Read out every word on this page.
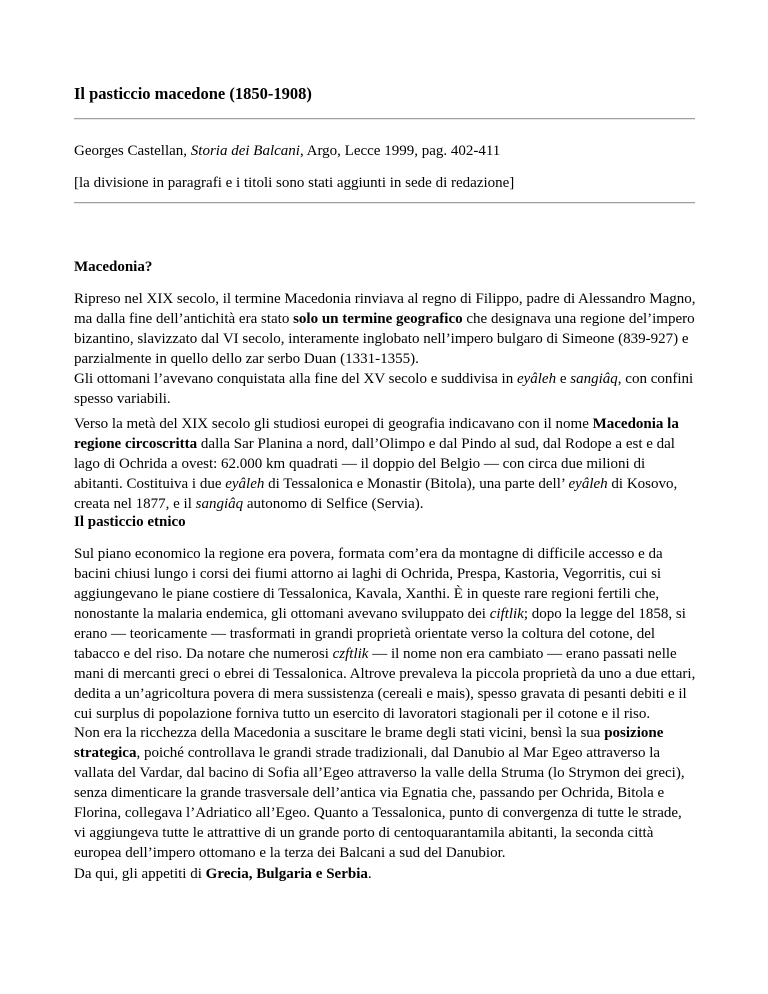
Il pasticcio macedone (1850-1908)

Georges Castellan, Storia dei Balcani, Argo, Lecce 1999, pag. 402-411

[la divisione in paragrafi e i titoli sono stati aggiunti in sede di redazione]

Macedonia?

Ripreso nel XIX secolo, il termine Macedonia rinviava al regno di Filippo, padre di Alessandro Magno, ma dalla fine dell’antichità era stato solo un termine geografico che designava una regione del’impero bizantino, slavizzato dal VI secolo, interamente inglobato nell’impero bulgaro di Simeone (839-927) e parzialmente in quello dello zar serbo Duan (1331-1355).

Gli ottomani l’avevano conquistata alla fine del XV secolo e suddivisa in eyâleh e sangiâq, con confini spesso variabili.

Verso la metà del XIX secolo gli studiosi europei di geografia indicavano con il nome Macedonia la regione circoscritta dalla Sar Planina a nord, dall’Olimpo e dal Pindo al sud, dal Rodope a est e dal lago di Ochrida a ovest: 62.000 km quadrati — il doppio del Belgio — con circa due milioni di abitanti. Costituiva i due eyâleh di Tessalonica e Monastir (Bitola), una parte dell’ eyâleh di Kosovo, creata nel 1877, e il sangiâq autonomo di Selfice (Servia).

Il pasticcio etnico

Sul piano economico la regione era povera, formata com’era da montagne di difficile accesso e da bacini chiusi lungo i corsi dei fiumi attorno ai laghi di Ochrida, Prespa, Kastoria, Vegorritis, cui si aggiungevano le piane costiere di Tessalonica, Kavala, Xanthi. È in queste rare regioni fertili che, nonostante la malaria endemica, gli ottomani avevano sviluppato dei ciftlik; dopo la legge del 1858, si erano — teoricamente — trasformati in grandi proprietà orientate verso la coltura del cotone, del tabacco e del riso. Da notare che numerosi czftlik — il nome non era cambiato — erano passati nelle mani di mercanti greci o ebrei di Tessalonica. Altrove prevaleva la piccola proprietà da uno a due ettari, dedita a un’agricoltura povera di mera sussistenza (cereali e mais), spesso gravata di pesanti debiti e il cui surplus di popolazione forniva tutto un esercito di lavoratori stagionali per il cotone e il riso.

Non era la ricchezza della Macedonia a suscitare le brame degli stati vicini, bensì la sua posizione strategica, poiché controllava le grandi strade tradizionali, dal Danubio al Mar Egeo attraverso la vallata del Vardar, dal bacino di Sofia all’Egeo attraverso la valle della Struma (lo Strymon dei greci), senza dimenticare la grande trasversale dell’antica via Egnatia che, passando per Ochrida, Bitola e Florina, collegava l’Adriatico all’Egeo. Quanto a Tessalonica, punto di convergenza di tutte le strade, vi aggiungeva tutte le attrattive di un grande porto di centoquarantamila abitanti, la seconda città europea dell’impero ottomano e la terza dei Balcani a sud del Danubior.

Da qui, gli appetiti di Grecia, Bulgaria e Serbia.
